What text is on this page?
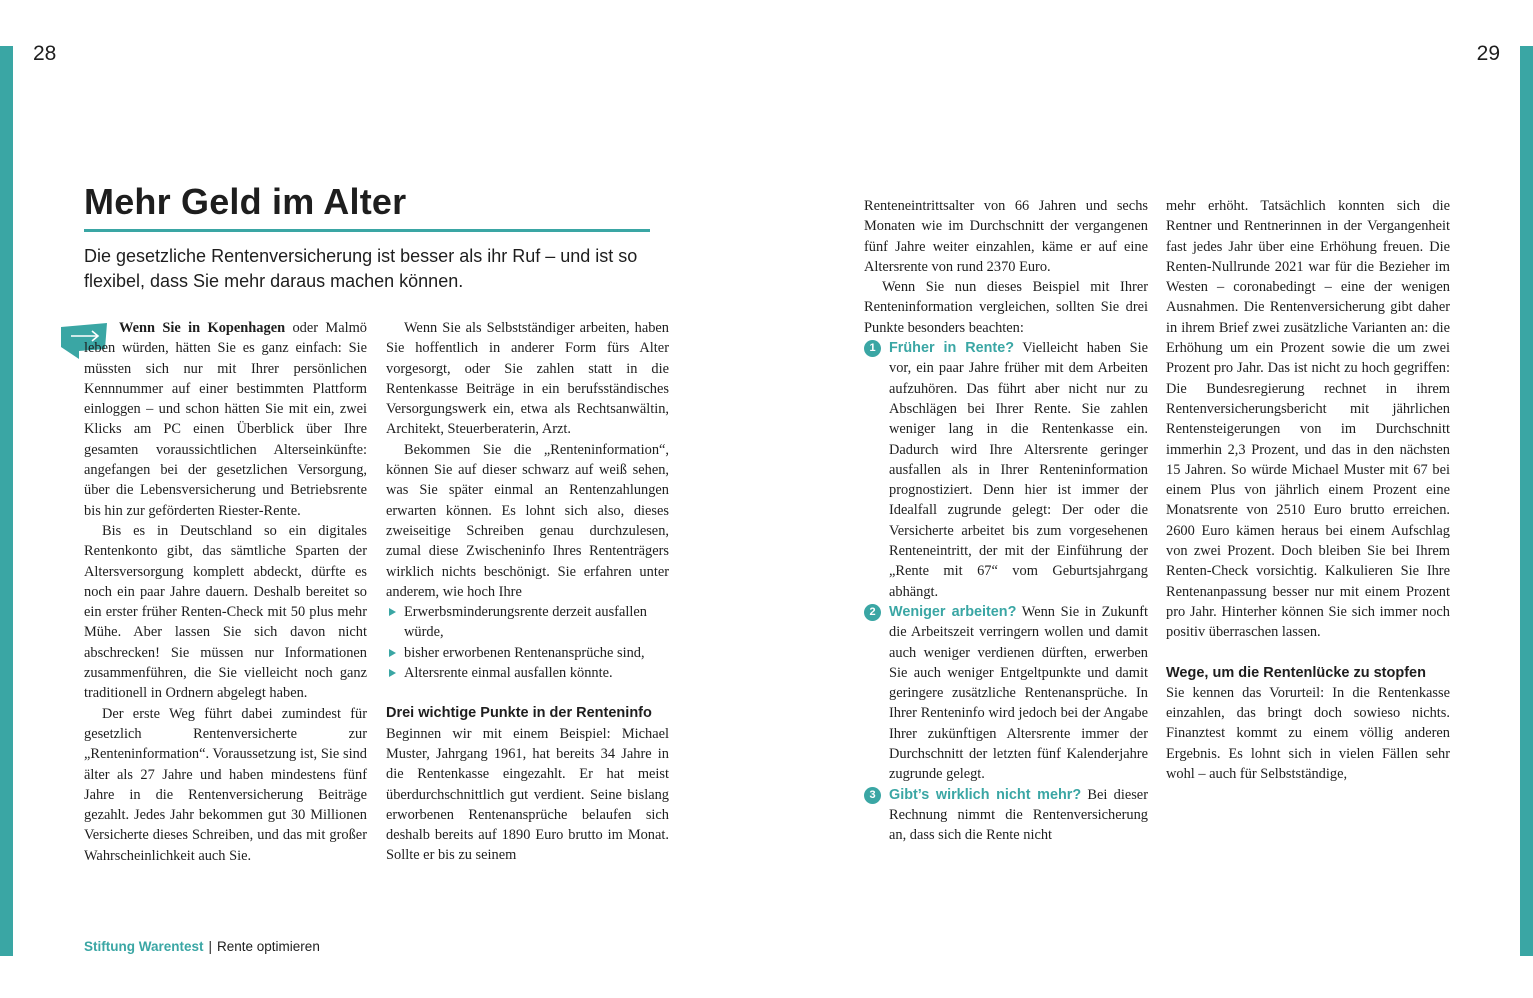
28	29
Mehr Geld im Alter

Die gesetzliche Rentenversicherung ist besser als ihr Ruf – und ist so flexibel, dass Sie mehr daraus machen können.

Wenn Sie in Kopenhagen oder Malmö leben würden, hätten Sie es ganz einfach: Sie müssten sich nur mit Ihrer persönlichen Kennnummer auf einer bestimmten Plattform einloggen – und schon hätten Sie mit ein, zwei Klicks am PC einen Überblick über Ihre gesamten voraussichtlichen Alterseinkünfte: angefangen bei der gesetzlichen Versorgung, über die Lebensversicherung und Betriebsrente bis hin zur geförderten Riester-Rente.

Bis es in Deutschland so ein digitales Rentenkonto gibt, das sämtliche Sparten der Altersversorgung komplett abdeckt, dürfte es noch ein paar Jahre dauern. Deshalb bereitet so ein erster früher Renten-Check mit 50 plus mehr Mühe. Aber lassen Sie sich davon nicht abschrecken! Sie müssen nur Informationen zusammenführen, die Sie vielleicht noch ganz traditionell in Ordnern abgelegt haben.

Der erste Weg führt dabei zumindest für gesetzlich Rentenversicherte zur „Renteninformation“. Voraussetzung ist, Sie sind älter als 27 Jahre und haben mindestens fünf Jahre in die Rentenversicherung Beiträge gezahlt. Jedes Jahr bekommen gut 30 Millionen Versicherte dieses Schreiben, und das mit großer Wahrscheinlichkeit auch Sie.

Wenn Sie als Selbstständiger arbeiten, haben Sie hoffentlich in anderer Form fürs Alter vorgesorgt, oder Sie zahlen statt in die Rentenkasse Beiträge in ein berufsständisches Versorgungswerk ein, etwa als Rechtsanwältin, Architekt, Steuerberaterin, Arzt.

Bekommen Sie die „Renteninformation“, können Sie auf dieser schwarz auf weiß sehen, was Sie später einmal an Rentenzahlungen erwarten können. Es lohnt sich also, dieses zweiseitige Schreiben genau durchzulesen, zumal diese Zwischeninfo Ihres Rententrägers wirklich nichts beschönigt. Sie erfahren unter anderem, wie hoch Ihre

Erwerbsminderungsrente derzeit ausfallen würde,
bisher erworbenen Rentenansprüche sind,
Altersrente einmal ausfallen könnte.
Drei wichtige Punkte in der Renteninfo

Beginnen wir mit einem Beispiel: Michael Muster, Jahrgang 1961, hat bereits 34 Jahre in die Rentenkasse eingezahlt. Er hat meist überdurchschnittlich gut verdient. Seine bislang erworbenen Rentenansprüche belaufen sich deshalb bereits auf 1890 Euro brutto im Monat. Sollte er bis zu seinem

Renteneintrittsalter von 66 Jahren und sechs Monaten wie im Durchschnitt der vergangenen fünf Jahre weiter einzahlen, käme er auf eine Altersrente von rund 2370 Euro.

Wenn Sie nun dieses Beispiel mit Ihrer Renteninformation vergleichen, sollten Sie drei Punkte besonders beachten:

1 Früher in Rente? Vielleicht haben Sie vor, ein paar Jahre früher mit dem Arbeiten aufzuhören. Das führt aber nicht nur zu Abschlägen bei Ihrer Rente. Sie zahlen weniger lang in die Rentenkasse ein. Dadurch wird Ihre Altersrente geringer ausfallen als in Ihrer Renteninformation prognostiziert. Denn hier ist immer der Idealfall zugrunde gelegt: Der oder die Versicherte arbeitet bis zum vorgesehenen Renteneintritt, der mit der Einführung der „Rente mit 67“ vom Geburtsjahrgang abhängt.
2 Weniger arbeiten? Wenn Sie in Zukunft die Arbeitszeit verringern wollen und damit auch weniger verdienen dürften, erwerben Sie auch weniger Entgeltpunkte und damit geringere zusätzliche Rentenansprüche. In Ihrer Renteninfo wird jedoch bei der Angabe Ihrer zukünftigen Altersrente immer der Durchschnitt der letzten fünf Kalenderjahre zugrunde gelegt.
3 Gibt’s wirklich nicht mehr? Bei dieser Rechnung nimmt die Rentenversicherung an, dass sich die Rente nicht

mehr erhöht. Tatsächlich konnten sich die Rentner und Rentnerinnen in der Vergangenheit fast jedes Jahr über eine Erhöhung freuen. Die Renten-Nullrunde 2021 war für die Bezieher im Westen – coronabedingt – eine der wenigen Ausnahmen. Die Rentenversicherung gibt daher in ihrem Brief zwei zusätzliche Varianten an: die Erhöhung um ein Prozent sowie die um zwei Prozent pro Jahr. Das ist nicht zu hoch gegriffen: Die Bundesregierung rechnet in ihrem Rentenversicherungsbericht mit jährlichen Rentensteigerungen von im Durchschnitt immerhin 2,3 Prozent, und das in den nächsten 15 Jahren. So würde Michael Muster mit 67 bei einem Plus von jährlich einem Prozent eine Monatsrente von 2510 Euro brutto erreichen. 2600 Euro kämen heraus bei einem Aufschlag von zwei Prozent. Doch bleiben Sie bei Ihrem Renten-Check vorsichtig. Kalkulieren Sie Ihre Rentenanpassung besser nur mit einem Prozent pro Jahr. Hinterher können Sie sich immer noch positiv überraschen lassen.

Wege, um die Rentenlücke zu stopfen

Sie kennen das Vorurteil: In die Rentenkasse einzahlen, das bringt doch sowieso nichts. Finanztest kommt zu einem völlig anderen Ergebnis. Es lohnt sich in vielen Fällen sehr wohl – auch für Selbstständige,

Stiftung Warentest | Rente optimieren
